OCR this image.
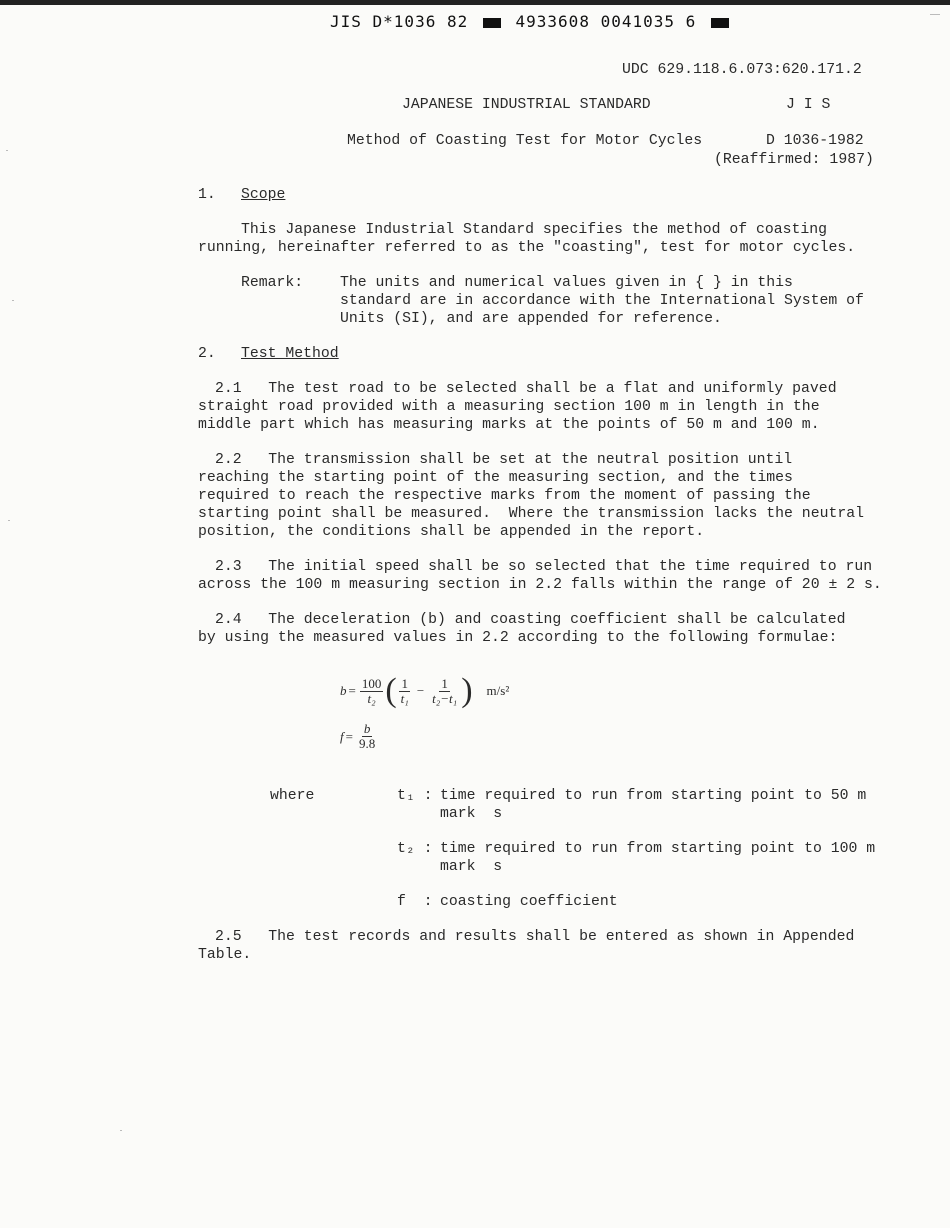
JIS D*1036 82	4933608 0041035 6
UDC 629.118.6.073:620.171.2
JAPANESE INDUSTRIAL STANDARD	J I S
Method of Coasting Test for Motor Cycles	D 1036-1982
(Reaffirmed: 1987)
1. Scope
This Japanese Industrial Standard specifies the method of coasting
running, hereinafter referred to as the "coasting", test for motor cycles.
Remark: The units and numerical values given in { } in this
standard are in accordance with the International System of
Units (SI), and are appended for reference.
2. Test Method
2.1   The test road to be selected shall be a flat and uniformly paved
straight road provided with a measuring section 100 m in length in the
middle part which has measuring marks at the points of 50 m and 100 m.
2.2   The transmission shall be set at the neutral position until
reaching the starting point of the measuring section, and the times
required to reach the respective marks from the moment of passing the
starting point shall be measured.  Where the transmission lacks the neutral
position, the conditions shall be appended in the report.
2.3   The initial speed shall be so selected that the time required to run
across the 100 m measuring section in 2.2 falls within the range of 20 ± 2 s.
2.4   The deceleration (b) and coasting coefficient shall be calculated
by using the measured values in 2.2 according to the following formulae:
$b = \frac{100}{\text{t₂}}$ ( $\frac{1}{\text{t₁}} - \frac{1}{\text{t₂−t₁}}$ ) m/s²
$f = \frac{b}{9.8}$
where	t₁ : time required to run from starting point to 50 m
mark  s
t₂ : time required to run from starting point to 100 m
mark  s
f  : coasting coefficient
2.5   The test records and results shall be entered as shown in Appended
Table.
